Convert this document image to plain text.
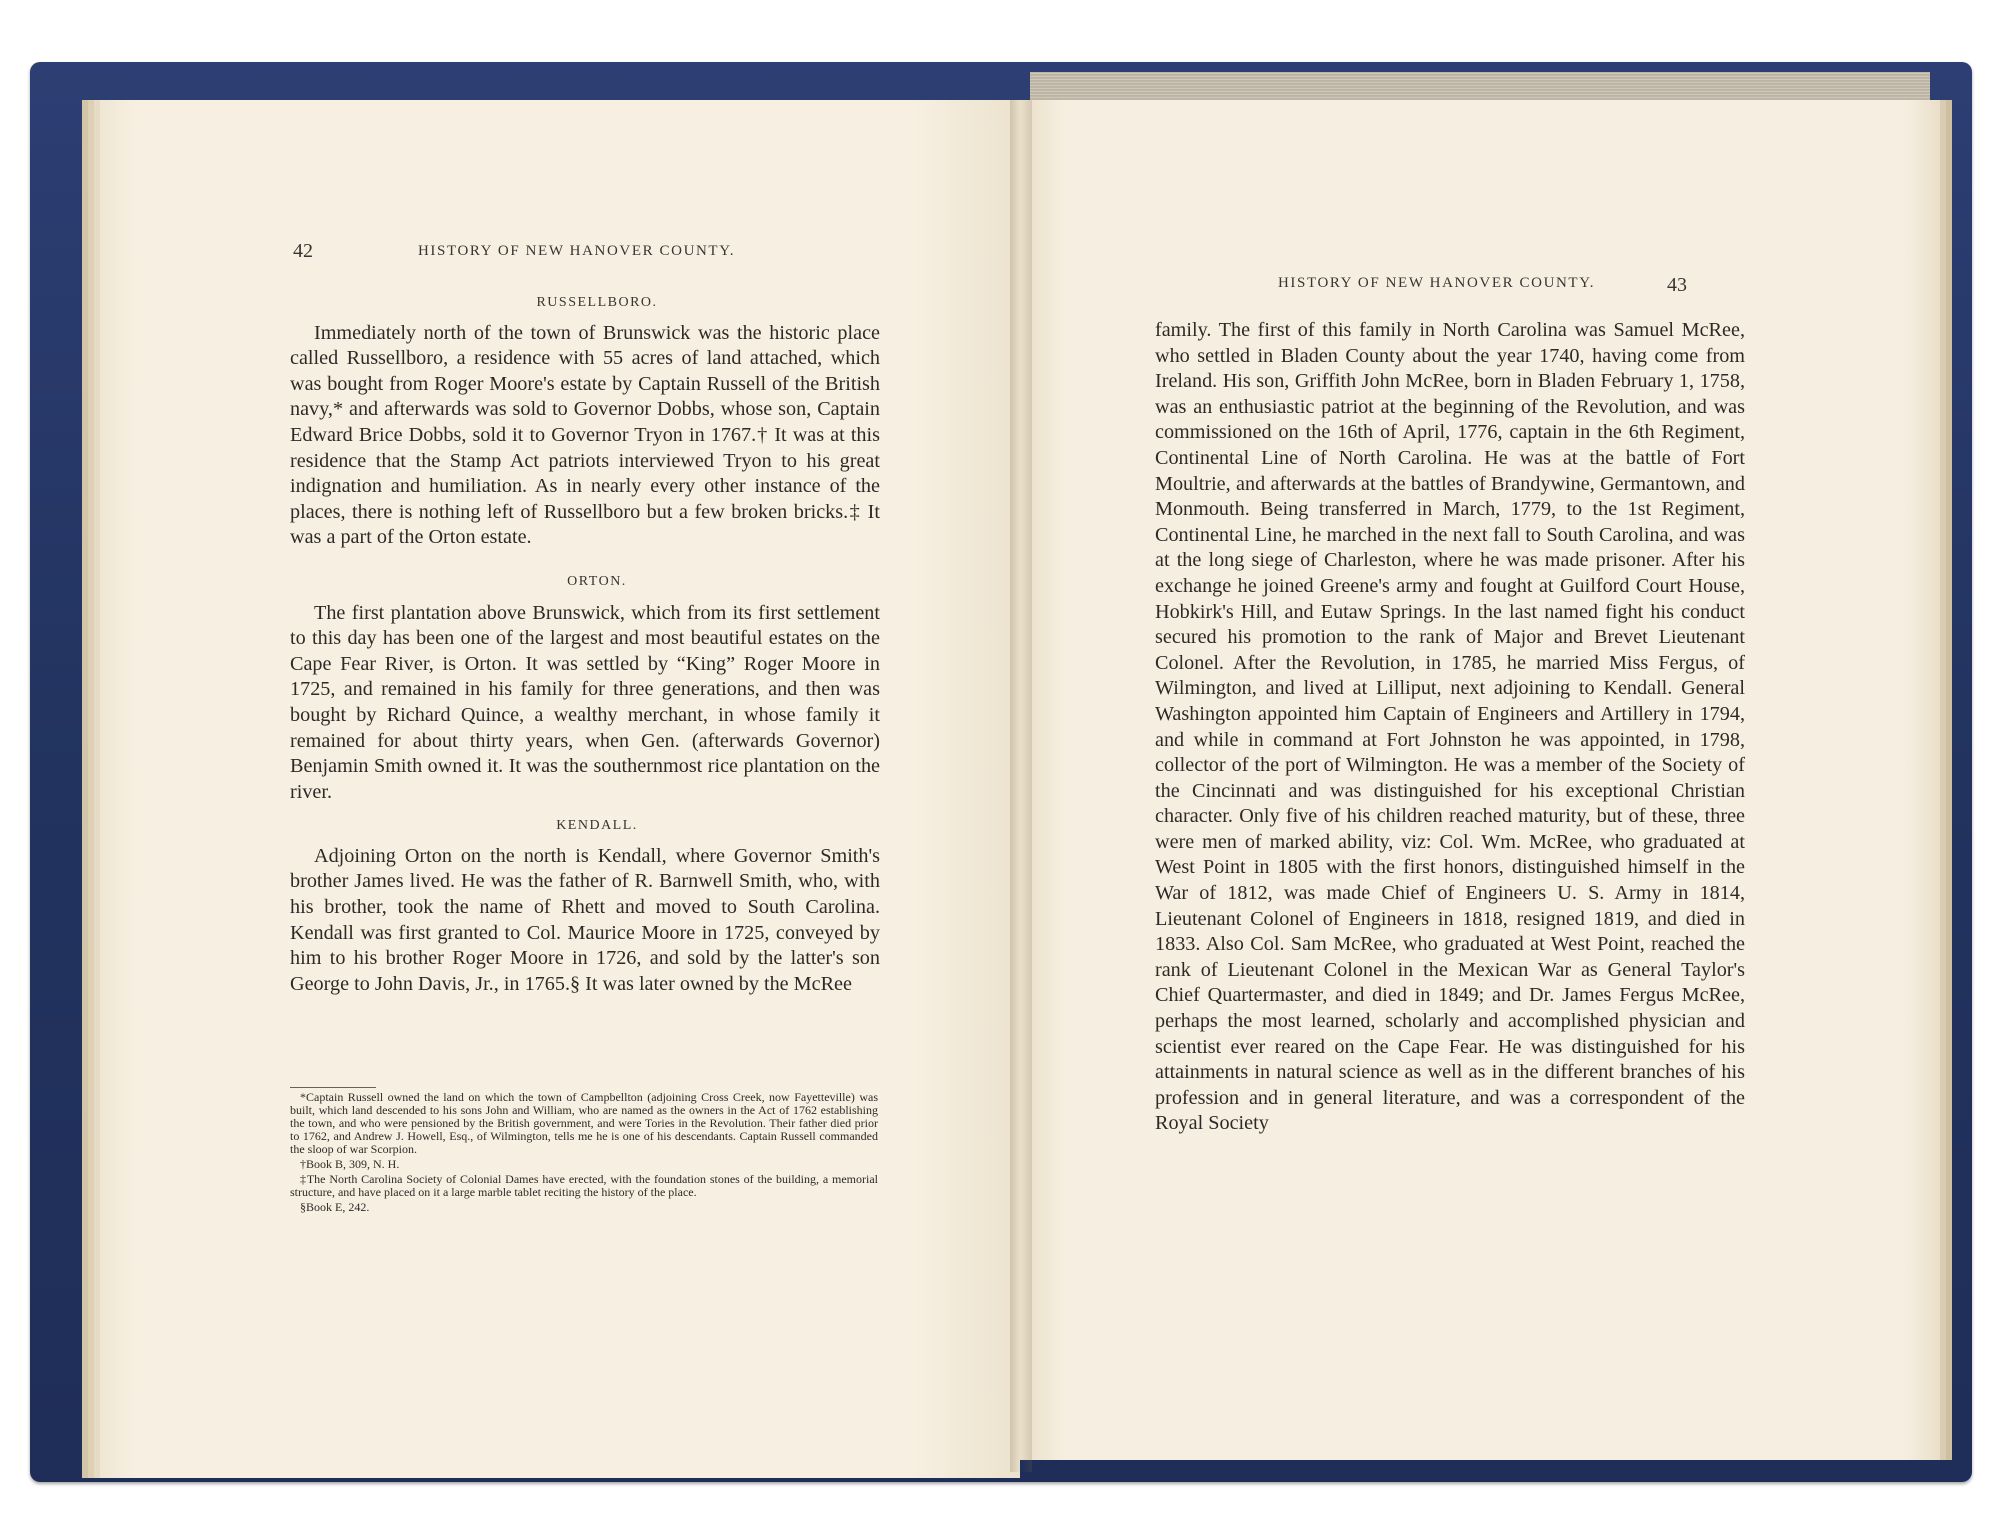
42	HISTORY OF NEW HANOVER COUNTY.

RUSSELLBORO.

Immediately north of the town of Brunswick was the historic place called Russellboro, a residence with 55 acres of land attached, which was bought from Roger Moore's estate by Captain Russell of the British navy,* and afterwards was sold to Governor Dobbs, whose son, Captain Edward Brice Dobbs, sold it to Governor Tryon in 1767.† It was at this residence that the Stamp Act patriots interviewed Tryon to his great indignation and humiliation. As in nearly every other instance of the places, there is nothing left of Russellboro but a few broken bricks.‡ It was a part of the Orton estate.

ORTON.

The first plantation above Brunswick, which from its first settlement to this day has been one of the largest and most beautiful estates on the Cape Fear River, is Orton. It was settled by “King” Roger Moore in 1725, and remained in his family for three generations, and then was bought by Richard Quince, a wealthy merchant, in whose family it remained for about thirty years, when Gen. (afterwards Governor) Benjamin Smith owned it. It was the southernmost rice plantation on the river.

KENDALL.

Adjoining Orton on the north is Kendall, where Governor Smith's brother James lived. He was the father of R. Barnwell Smith, who, with his brother, took the name of Rhett and moved to South Carolina. Kendall was first granted to Col. Maurice Moore in 1725, conveyed by him to his brother Roger Moore in 1726, and sold by the latter's son George to John Davis, Jr., in 1765.§ It was later owned by the McRee

*Captain Russell owned the land on which the town of Campbellton (adjoining Cross Creek, now Fayetteville) was built, which land descended to his sons John and William, who are named as the owners in the Act of 1762 establishing the town, and who were pensioned by the British government, and were Tories in the Revolution. Their father died prior to 1762, and Andrew J. Howell, Esq., of Wilmington, tells me he is one of his descendants. Captain Russell commanded the sloop of war Scorpion.

†Book B, 309, N. H.

‡The North Carolina Society of Colonial Dames have erected, with the foundation stones of the building, a memorial structure, and have placed on it a large marble tablet reciting the history of the place.

§Book E, 242.

HISTORY OF NEW HANOVER COUNTY.	43

family. The first of this family in North Carolina was Samuel McRee, who settled in Bladen County about the year 1740, having come from Ireland. His son, Griffith John McRee, born in Bladen February 1, 1758, was an enthusiastic patriot at the beginning of the Revolution, and was commissioned on the 16th of April, 1776, captain in the 6th Regiment, Continental Line of North Carolina. He was at the battle of Fort Moultrie, and afterwards at the battles of Brandywine, Germantown, and Monmouth. Being transferred in March, 1779, to the 1st Regiment, Continental Line, he marched in the next fall to South Carolina, and was at the long siege of Charleston, where he was made prisoner. After his exchange he joined Greene's army and fought at Guilford Court House, Hobkirk's Hill, and Eutaw Springs. In the last named fight his conduct secured his promotion to the rank of Major and Brevet Lieutenant Colonel. After the Revolution, in 1785, he married Miss Fergus, of Wilmington, and lived at Lilliput, next adjoining to Kendall. General Washington appointed him Captain of Engineers and Artillery in 1794, and while in command at Fort Johnston he was appointed, in 1798, collector of the port of Wilmington. He was a member of the Society of the Cincinnati and was distinguished for his exceptional Christian character. Only five of his children reached maturity, but of these, three were men of marked ability, viz: Col. Wm. McRee, who graduated at West Point in 1805 with the first honors, distinguished himself in the War of 1812, was made Chief of Engineers U. S. Army in 1814, Lieutenant Colonel of Engineers in 1818, resigned 1819, and died in 1833. Also Col. Sam McRee, who graduated at West Point, reached the rank of Lieutenant Colonel in the Mexican War as General Taylor's Chief Quartermaster, and died in 1849; and Dr. James Fergus McRee, perhaps the most learned, scholarly and accomplished physician and scientist ever reared on the Cape Fear. He was distinguished for his attainments in natural science as well as in the different branches of his profession and in general literature, and was a correspondent of the Royal Society
